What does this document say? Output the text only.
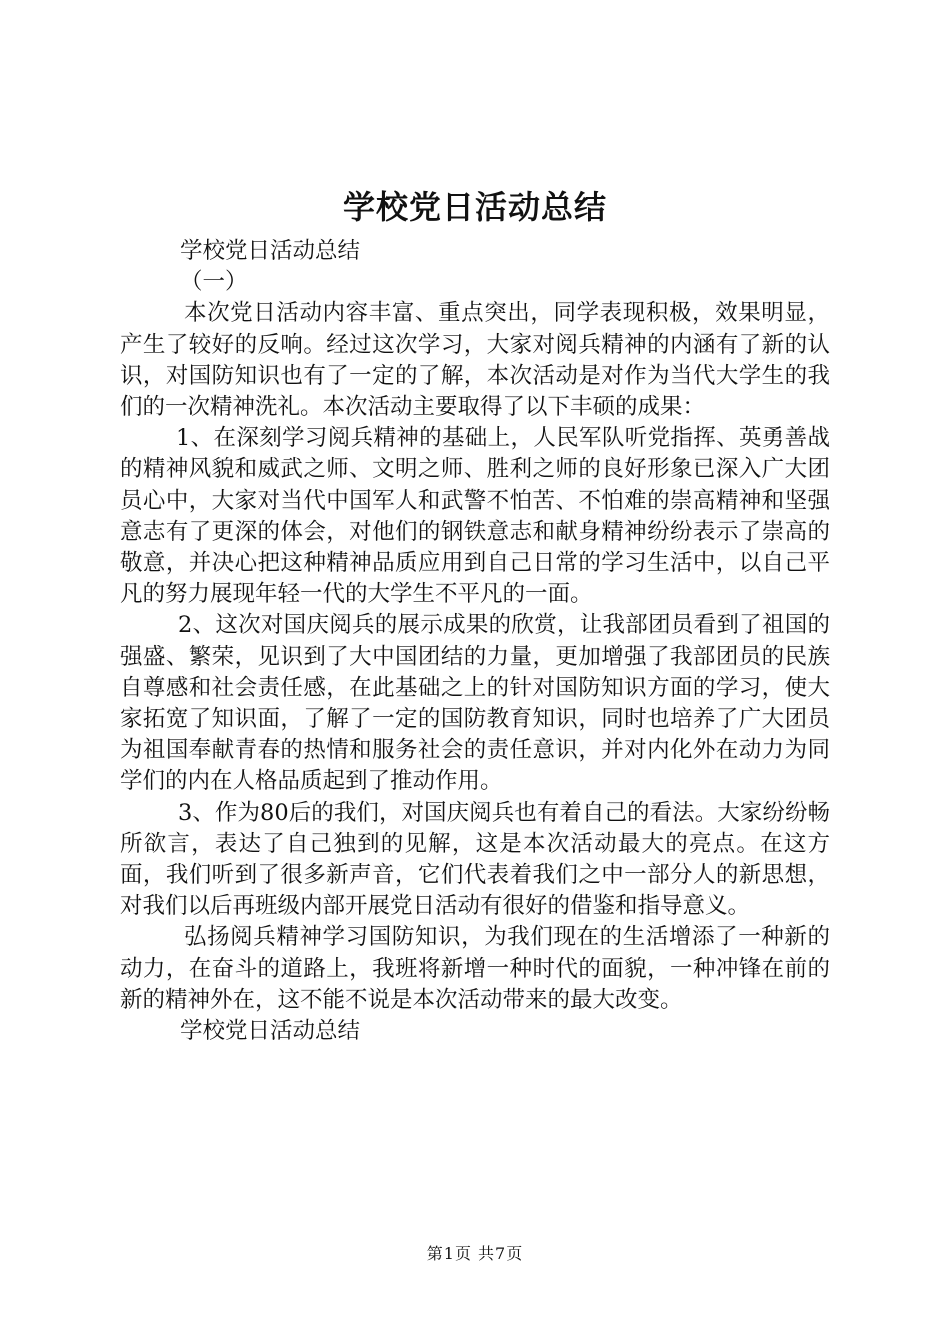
学校党日活动总结

学校党日活动总结

（一）

本次党日活动内容丰富、重点突出，同学表现积极，效果明显，产生了较好的反响。经过这次学习，大家对阅兵精神的内涵有了新的认识，对国防知识也有了一定的了解，本次活动是对作为当代大学生的我们的一次精神洗礼。本次活动主要取得了以下丰硕的成果：

1、在深刻学习阅兵精神的基础上，人民军队听党指挥、英勇善战的精神风貌和威武之师、文明之师、胜利之师的良好形象已深入广大团员心中，大家对当代中国军人和武警不怕苦、不怕难的崇高精神和坚强意志有了更深的体会，对他们的钢铁意志和献身精神纷纷表示了崇高的敬意，并决心把这种精神品质应用到自己日常的学习生活中，以自己平凡的努力展现年轻一代的大学生不平凡的一面。

2、这次对国庆阅兵的展示成果的欣赏，让我部团员看到了祖国的强盛、繁荣，见识到了大中国团结的力量，更加增强了我部团员的民族自尊感和社会责任感，在此基础之上的针对国防知识方面的学习，使大家拓宽了知识面，了解了一定的国防教育知识，同时也培养了广大团员为祖国奉献青春的热情和服务社会的责任意识，并对内化外在动力为同学们的内在人格品质起到了推动作用。

3、作为80后的我们，对国庆阅兵也有着自己的看法。大家纷纷畅所欲言，表达了自己独到的见解，这是本次活动最大的亮点。在这方面，我们听到了很多新声音，它们代表着我们之中一部分人的新思想，对我们以后再班级内部开展党日活动有很好的借鉴和指导意义。

弘扬阅兵精神学习国防知识，为我们现在的生活增添了一种新的动力，在奋斗的道路上，我班将新增一种时代的面貌，一种冲锋在前的新的精神外在，这不能不说是本次活动带来的最大改变。

学校党日活动总结

第1页 共7页
